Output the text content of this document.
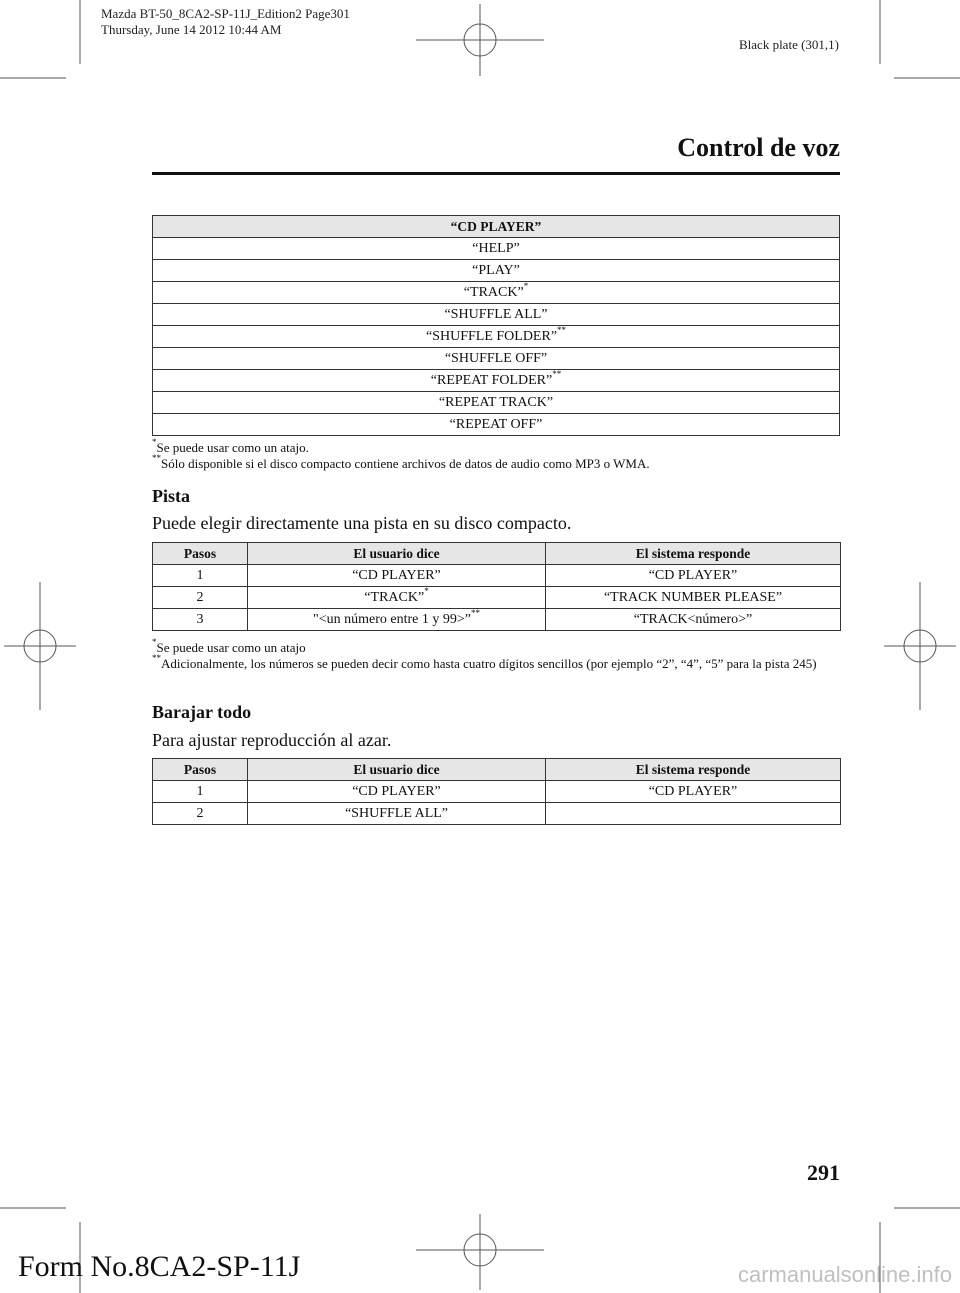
Mazda BT-50_8CA2-SP-11J_Edition2 Page301
Thursday, June 14 2012 10:44 AM
Black plate (301,1)
Control de voz
“CD PLAYER”
“HELP”
“PLAY”
“TRACK”*
“SHUFFLE ALL”
“SHUFFLE FOLDER”**
“SHUFFLE OFF”
“REPEAT FOLDER”**
“REPEAT TRACK”
“REPEAT OFF”
*Se puede usar como un atajo.
**Sólo disponible si el disco compacto contiene archivos de datos de audio como MP3 o WMA.
Pista
Puede elegir directamente una pista en su disco compacto.
Pasos	El usuario dice	El sistema responde
1	“CD PLAYER”	“CD PLAYER”
2	“TRACK”*	“TRACK NUMBER PLEASE”
3	"<un número entre 1 y 99>”**	“TRACK<número>”
*Se puede usar como un atajo
**Adicionalmente, los números se pueden decir como hasta cuatro dígitos sencillos (por ejemplo “2”, “4”, “5” para la pista 245)
Barajar todo
Para ajustar reproducción al azar.
Pasos	El usuario dice	El sistema responde
1	“CD PLAYER”	“CD PLAYER”
2	“SHUFFLE ALL”	
291
Form No.8CA2-SP-11J	carmanualsonline.info
